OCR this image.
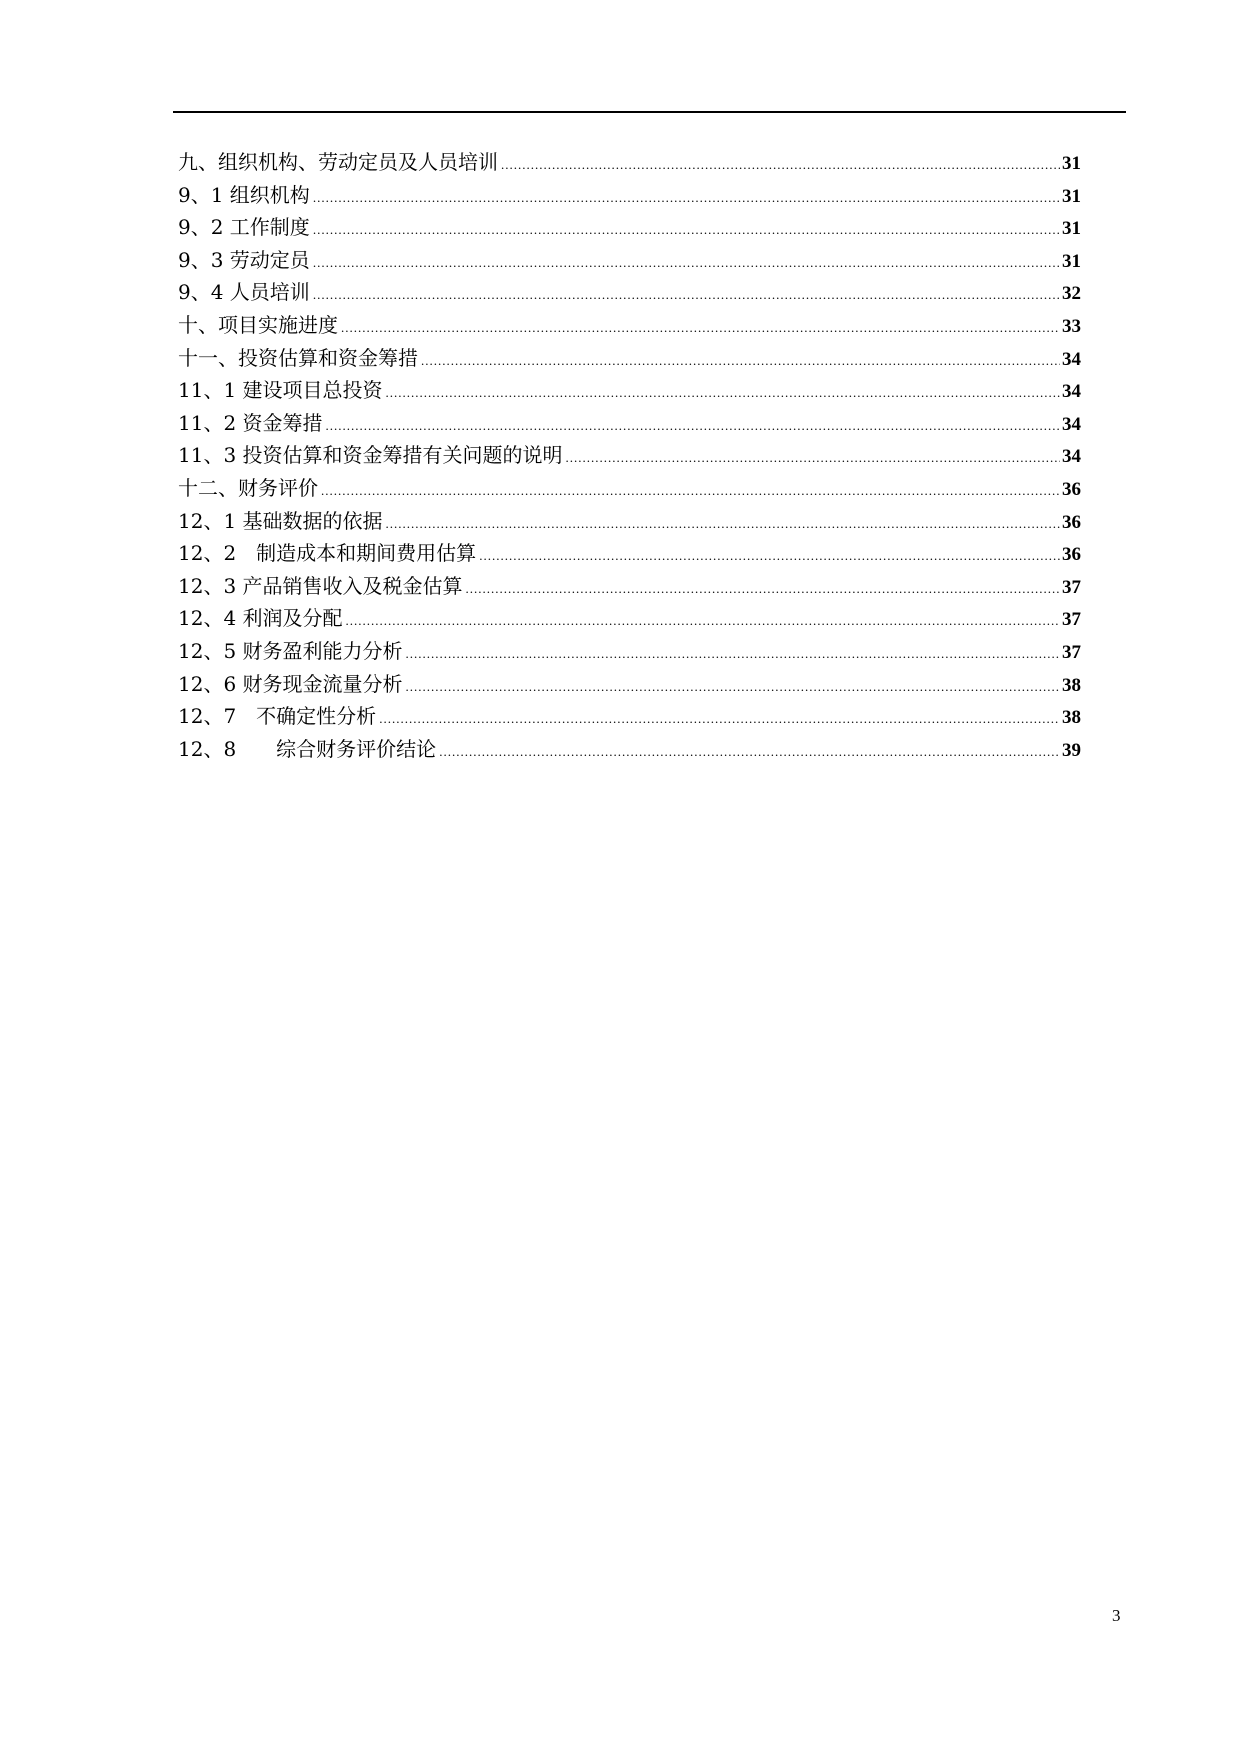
九、组织机构、劳动定员及人员培训 .....	31
9、1 组织机构 .....	31
9、2 工作制度 .....	31
9、3 劳动定员 .....	31
9、4 人员培训 .....	32
十、项目实施进度 .....	33
十一、投资估算和资金筹措 .....	34
11、1 建设项目总投资 .....	34
11、2 资金筹措 .....	34
11、3 投资估算和资金筹措有关问题的说明 .....	34
十二、财务评价 .....	36
12、1 基础数据的依据 .....	36
12、2　制造成本和期间费用估算 .....	36
12、3 产品销售收入及税金估算 .....	37
12、4 利润及分配 .....	37
12、5 财务盈利能力分析 .....	37
12、6 财务现金流量分析 .....	38
12、7　不确定性分析 .....	38
12、8　　综合财务评价结论 .....	39
3
